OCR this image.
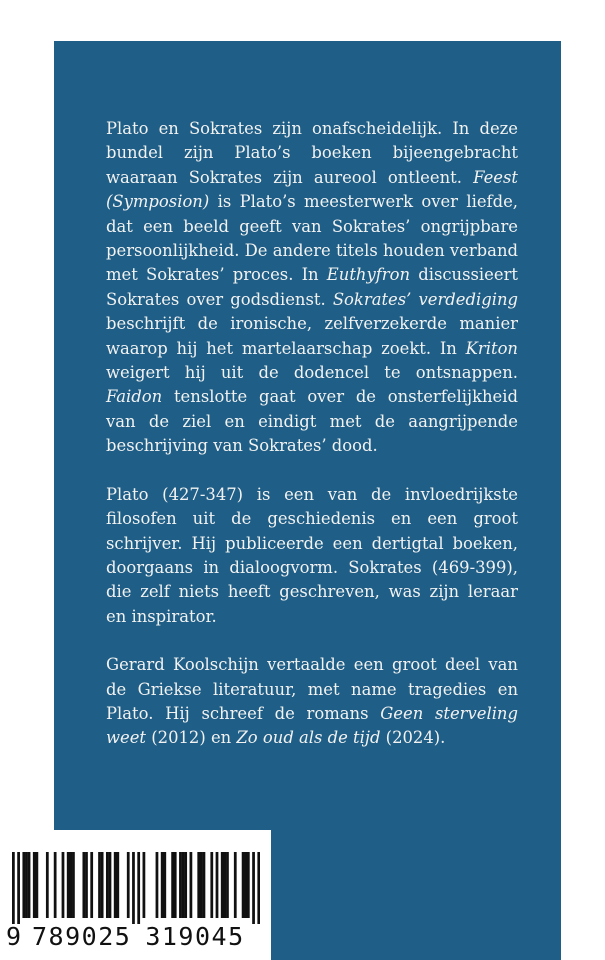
Plato en Sokrates zijn onafscheidelijk. In deze bundel zijn Plato’s boeken bijeengebracht waaraan Sokrates zijn aureool ontleent. Feest (Symposion) is Plato’s meesterwerk over liefde, dat een beeld geeft van Sokrates’ ongrijpbare persoonlijkheid. De andere titels houden verband met Sokrates’ proces. In Euthyfron discussieert Sokrates over godsdienst. Sokrates’ verdediging beschrijft de ironische, zelfverzekerde manier waarop hij het martelaarschap zoekt. In Kriton weigert hij uit de dodencel te ontsnappen. Faidon tenslotte gaat over de onsterfelijkheid van de ziel en eindigt met de aangrijpende beschrijving van Sokrates’ dood.

Plato (427-347) is een van de invloedrijkste filosofen uit de geschiedenis en een groot schrijver. Hij publiceerde een dertigtal boeken, doorgaans in dialoogvorm. Sokrates (469-399), die zelf niets heeft geschreven, was zijn leraar en inspirator.

Gerard Koolschijn vertaalde een groot deel van de Griekse literatuur, met name tragedies en Plato. Hij schreef de romans Geen sterveling weet (2012) en Zo oud als de tijd (2024).

9 789025 319045
